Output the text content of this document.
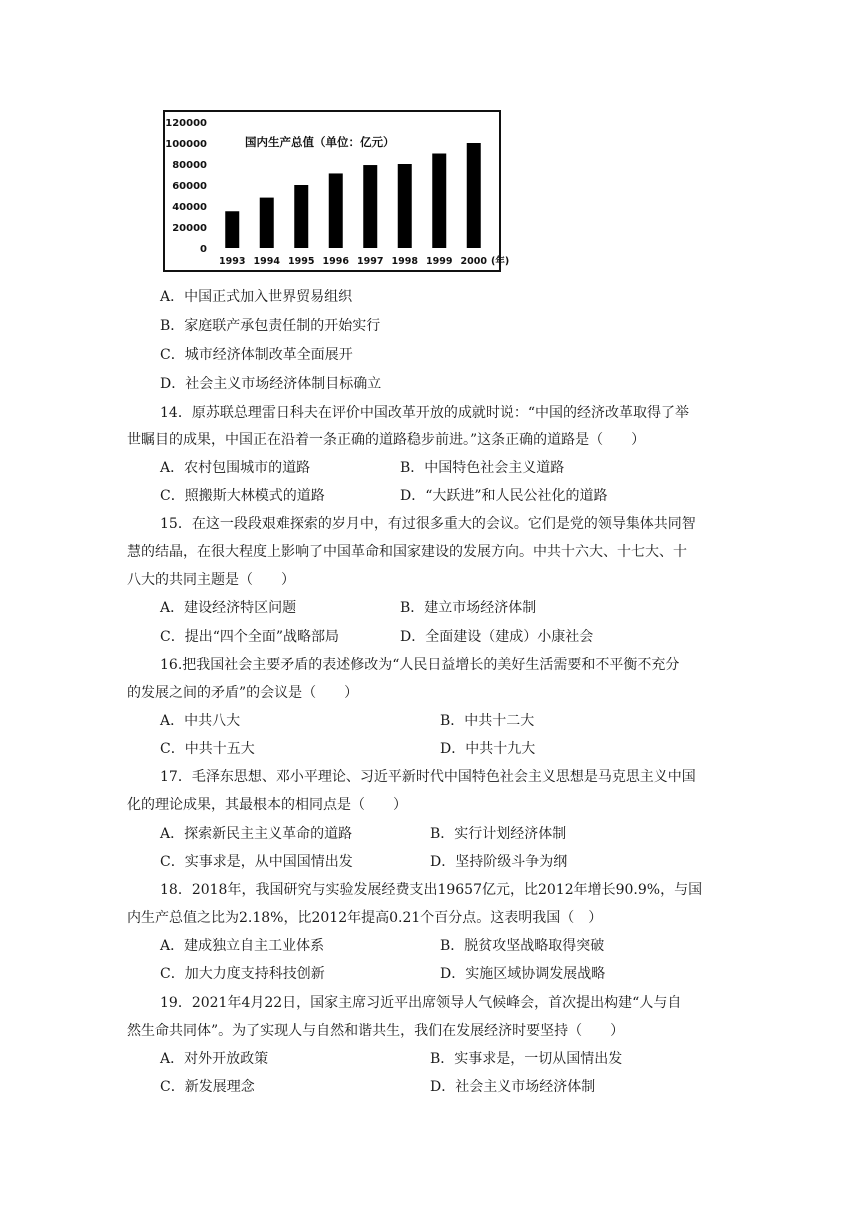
0
20000
40000
60000
80000
100000
120000
国内生产总值（单位：亿元）
1993 1994 1995 1996 1997 1998 1999 2000 (年)
A．中国正式加入世界贸易组织
B．家庭联产承包责任制的开始实行
C．城市经济体制改革全面展开
D．社会主义市场经济体制目标确立
14．原苏联总理雷日科夫在评价中国改革开放的成就时说：“中国的经济改革取得了举
世瞩目的成果，中国正在沿着一条正确的道路稳步前进。”这条正确的道路是（　　）
A．农村包围城市的道路	B．中国特色社会主义道路
C．照搬斯大林模式的道路	D．“大跃进”和人民公社化的道路
15．在这一段段艰难探索的岁月中，有过很多重大的会议。它们是党的领导集体共同智
慧的结晶，在很大程度上影响了中国革命和国家建设的发展方向。中共十六大、十七大、十
八大的共同主题是（　　）
A．建设经济特区问题	B．建立市场经济体制
C．提出“四个全面”战略部局	D．全面建设（建成）小康社会
16.把我国社会主要矛盾的表述修改为“人民日益增长的美好生活需要和不平衡不充分
的发展之间的矛盾”的会议是（　　）
A．中共八大	B．中共十二大
C．中共十五大	D．中共十九大
17．毛泽东思想、邓小平理论、习近平新时代中国特色社会主义思想是马克思主义中国
化的理论成果，其最根本的相同点是（　　）
A．探索新民主主义革命的道路	B．实行计划经济体制
C．实事求是，从中国国情出发	D．坚持阶级斗争为纲
18．2018年，我国研究与实验发展经费支出19657亿元，比2012年增长90.9%，与国
内生产总值之比为2.18%，比2012年提高0.21个百分点。这表明我国（　）
A．建成独立自主工业体系	B．脱贫攻坚战略取得突破
C．加大力度支持科技创新	D．实施区域协调发展战略
19．2021年4月22日，国家主席习近平出席领导人气候峰会，首次提出构建“人与自
然生命共同体”。为了实现人与自然和谐共生，我们在发展经济时要坚持（　　）
A．对外开放政策	B．实事求是，一切从国情出发
C．新发展理念	D．社会主义市场经济体制
